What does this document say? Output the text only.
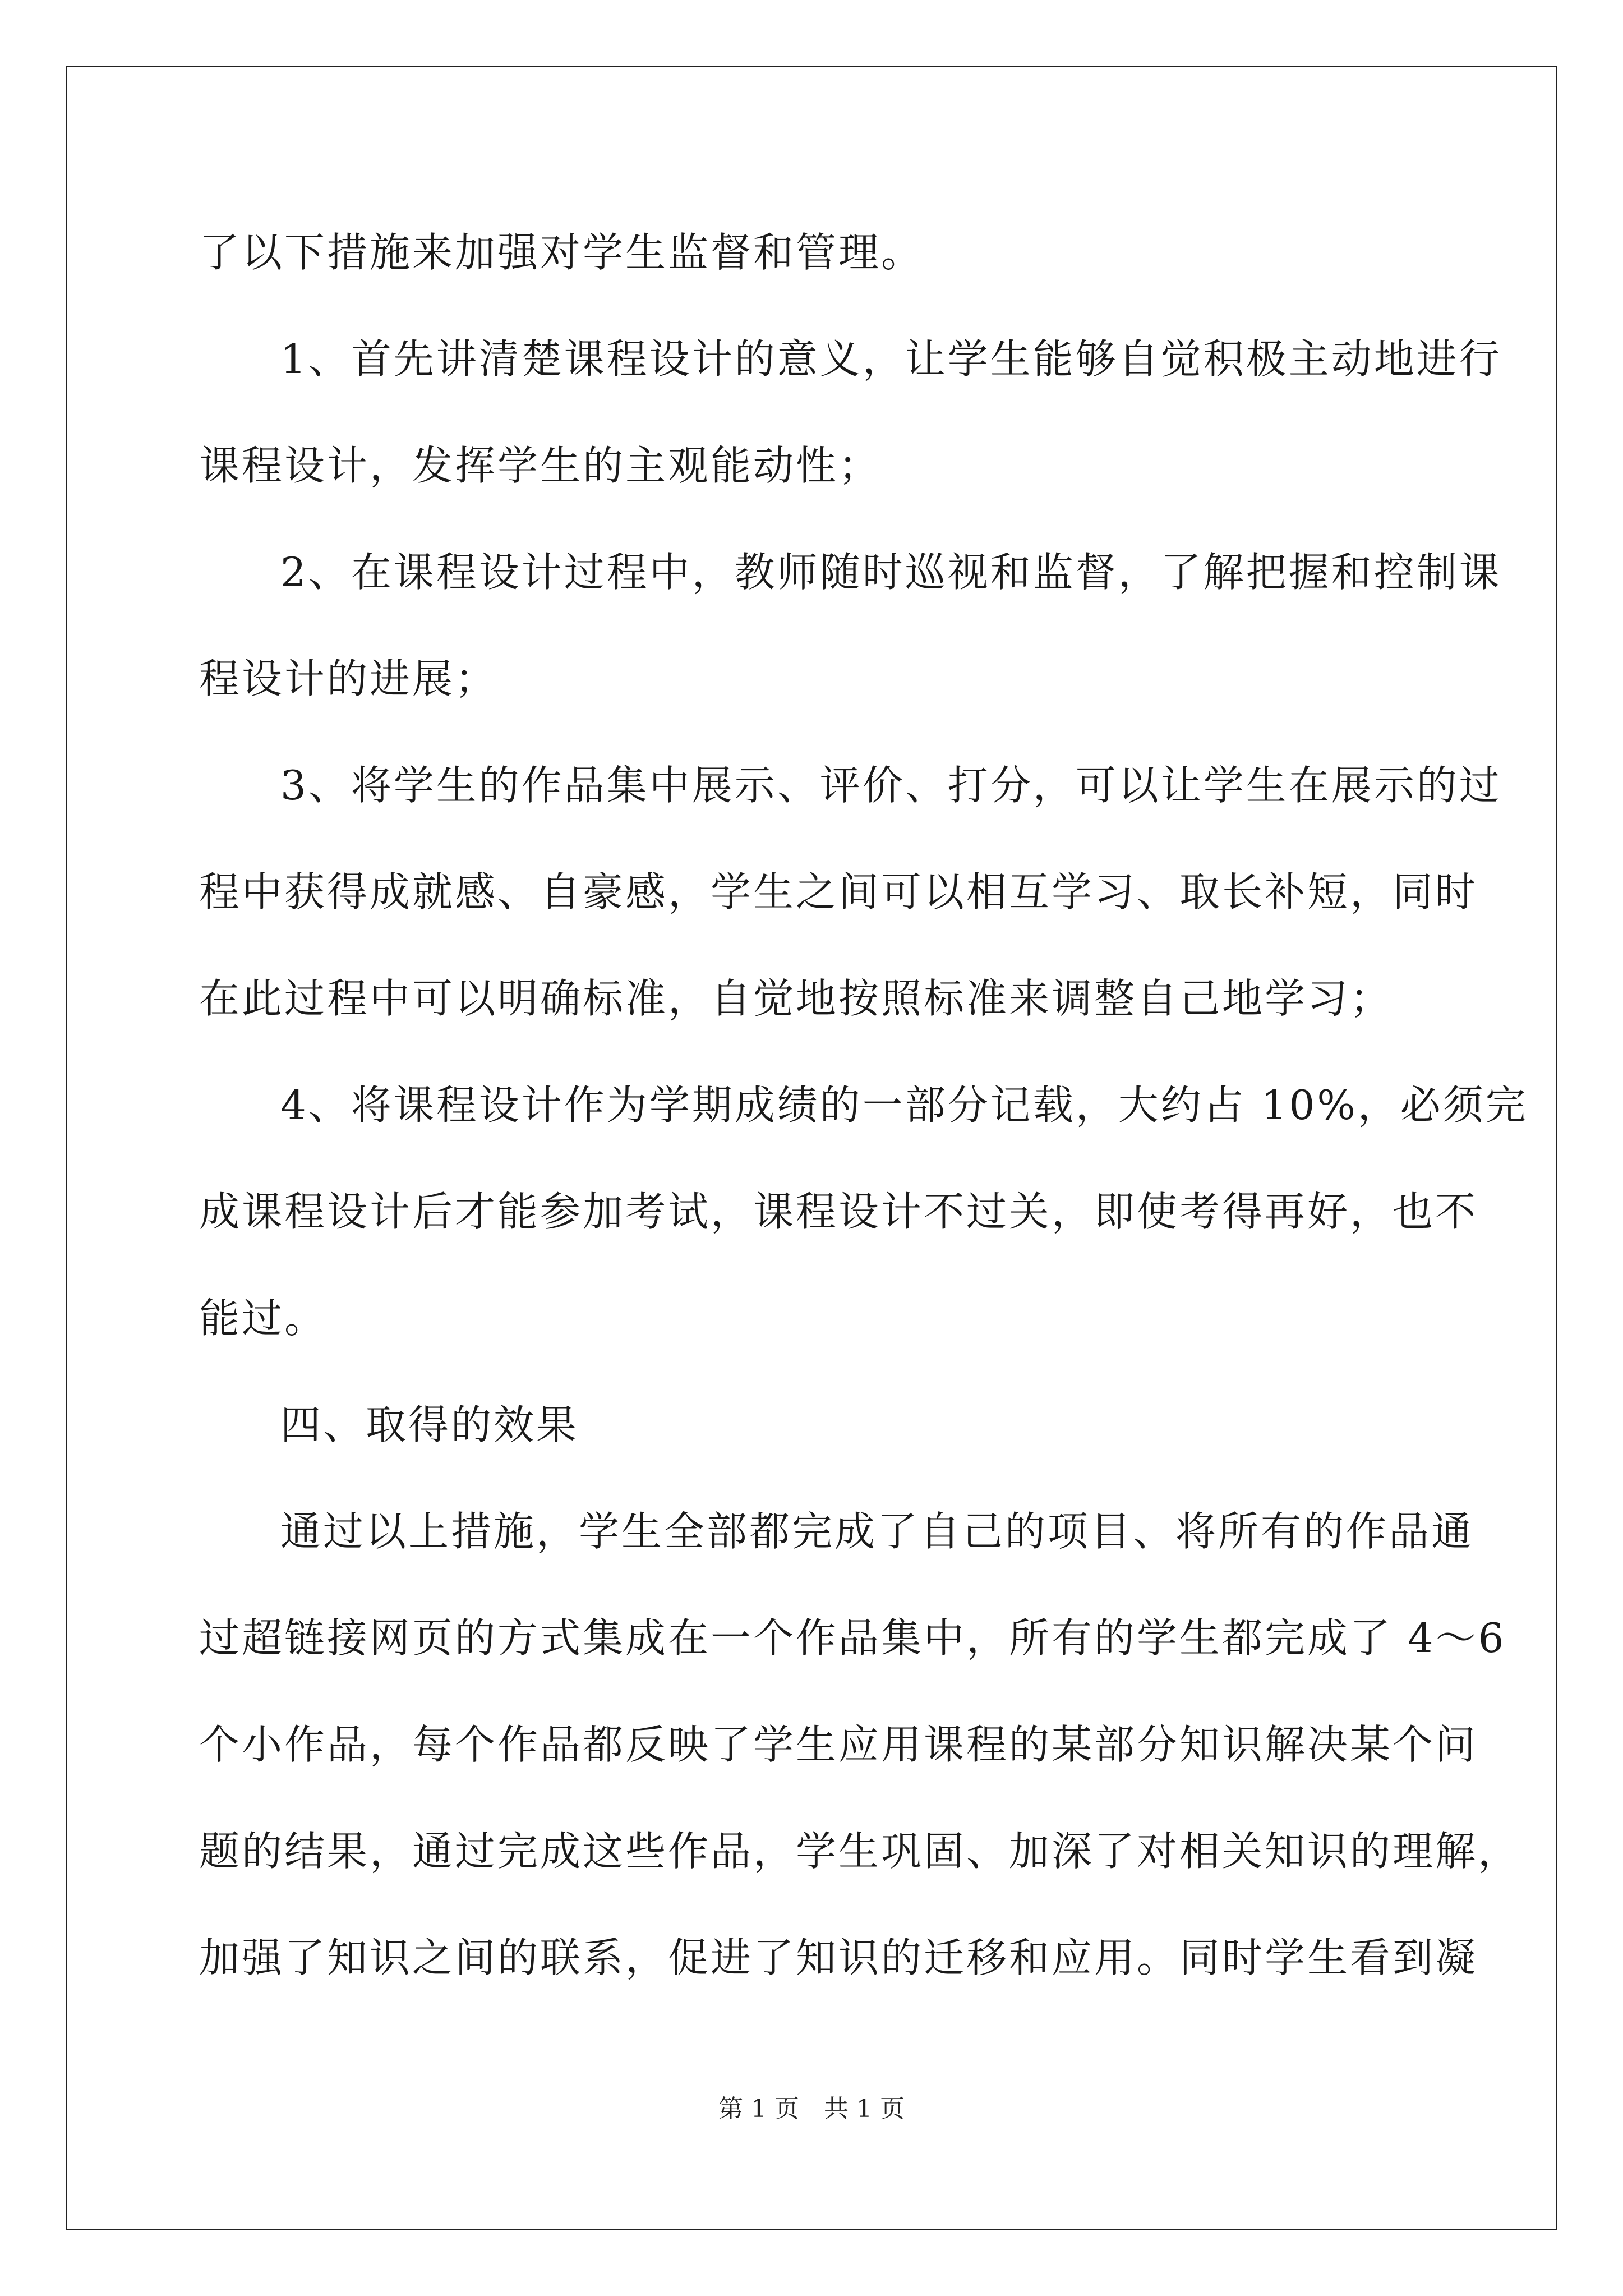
了以下措施来加强对学生监督和管理。

1、首先讲清楚课程设计的意义，让学生能够自觉积极主动地进行

课程设计，发挥学生的主观能动性；

2、在课程设计过程中，教师随时巡视和监督，了解把握和控制课

程设计的进展；

3、将学生的作品集中展示、评价、打分，可以让学生在展示的过

程中获得成就感、自豪感，学生之间可以相互学习、取长补短，同时

在此过程中可以明确标准，自觉地按照标准来调整自己地学习；

4、将课程设计作为学期成绩的一部分记载，大约占 10%，必须完

成课程设计后才能参加考试，课程设计不过关，即使考得再好，也不

能过。

四、取得的效果

通过以上措施，学生全部都完成了自己的项目、将所有的作品通

过超链接网页的方式集成在一个作品集中，所有的学生都完成了 4～6

个小作品，每个作品都反映了学生应用课程的某部分知识解决某个问

题的结果，通过完成这些作品，学生巩固、加深了对相关知识的理解，

加强了知识之间的联系，促进了知识的迁移和应用。同时学生看到凝

第 1 页　共 1 页
